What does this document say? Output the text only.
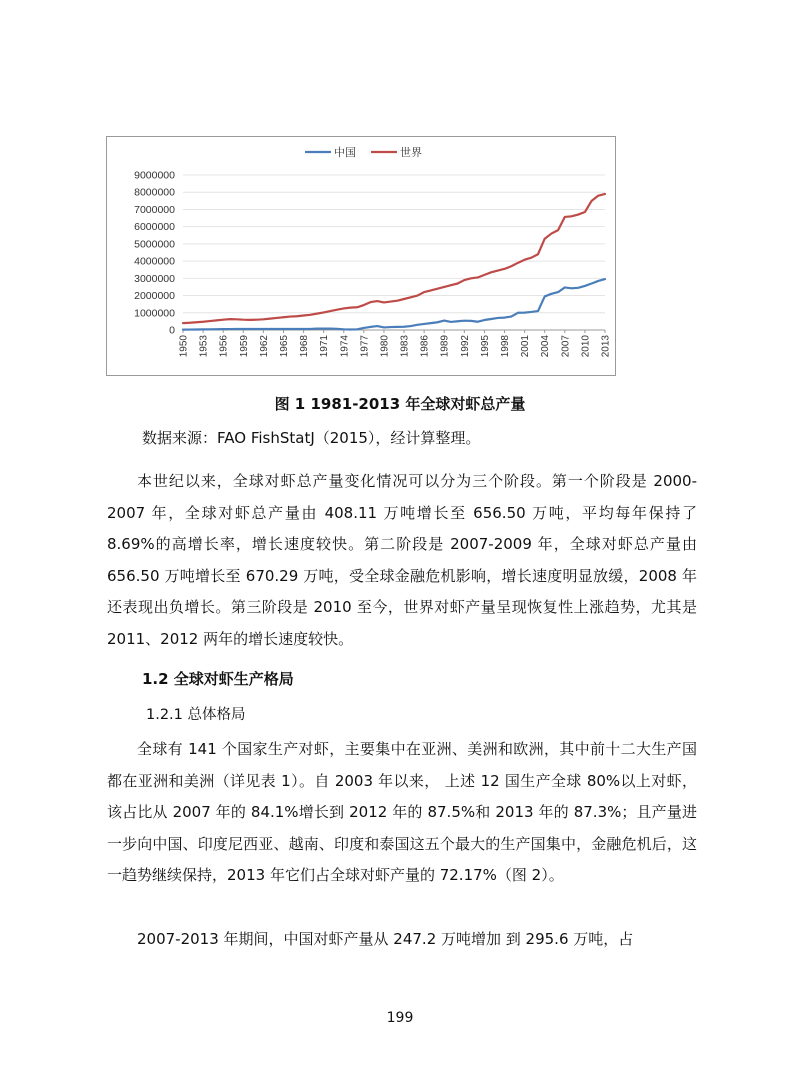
0
1000000
2000000
3000000
4000000
5000000
6000000
7000000
8000000
9000000
1950 1953 1956 1959 1962 1965 1968 1971 1974 1977 1980 1983 1986 1989 1992 1995 1998 2001 2004 2007 2010 2013
中国	世界
图 1 1981-2013 年全球对虾总产量
数据来源：FAO FishStatJ（2015），经计算整理。

本世纪以来，全球对虾总产量变化情况可以分为三个阶段。第一个阶段是 2000-2007 年，全球对虾总产量由 408.11 万吨增长至 656.50 万吨，平均每年保持了 8.69%的高增长率，增长速度较快。第二阶段是 2007-2009 年，全球对虾总产量由 656.50 万吨增长至 670.29 万吨，受全球金融危机影响，增长速度明显放缓，2008 年还表现出负增长。第三阶段是 2010 至今，世界对虾产量呈现恢复性上涨趋势，尤其是 2011、2012 两年的增长速度较快。

1.2 全球对虾生产格局
1.2.1 总体格局

全球有 141 个国家生产对虾，主要集中在亚洲、美洲和欧洲，其中前十二大生产国都在亚洲和美洲（详见表 1）。自 2003 年以来， 上述 12 国生产全球 80%以上对虾，该占比从 2007 年的 84.1%增长到 2012 年的 87.5%和 2013 年的 87.3%；且产量进一步向中国、印度尼西亚、越南、印度和泰国这五个最大的生产国集中，金融危机后，这一趋势继续保持，2013 年它们占全球对虾产量的 72.17%（图 2）。

2007-2013 年期间，中国对虾产量从 247.2 万吨增加 到 295.6 万吨，占

199
